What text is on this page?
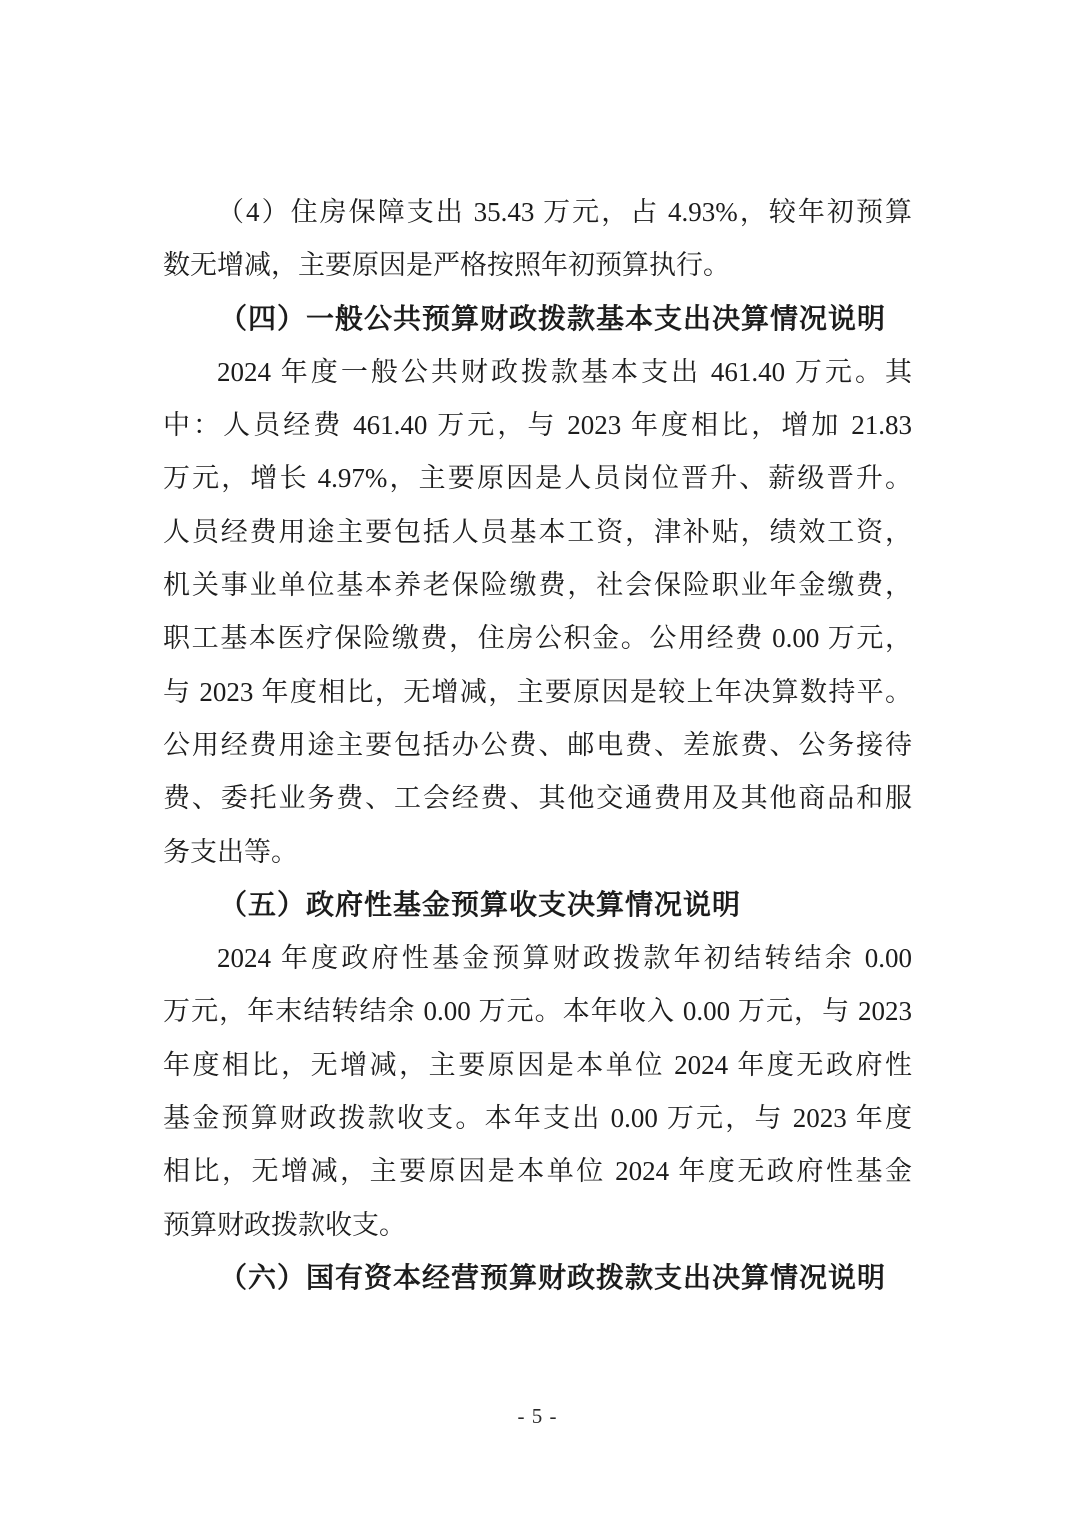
（4）住房保障支出 35.43 万元，占 4.93%，较年初预算
数无增减，主要原因是严格按照年初预算执行。
（四）一般公共预算财政拨款基本支出决算情况说明
2024 年度一般公共财政拨款基本支出 461.40 万元。其
中：人员经费 461.40 万元，与 2023 年度相比，增加 21.83
万元，增长 4.97%，主要原因是人员岗位晋升、薪级晋升。
人员经费用途主要包括人员基本工资，津补贴，绩效工资，
机关事业单位基本养老保险缴费，社会保险职业年金缴费，
职工基本医疗保险缴费，住房公积金。公用经费 0.00 万元，
与 2023 年度相比，无增减，主要原因是较上年决算数持平。
公用经费用途主要包括办公费、邮电费、差旅费、公务接待
费、委托业务费、工会经费、其他交通费用及其他商品和服
务支出等。
（五）政府性基金预算收支决算情况说明
2024 年度政府性基金预算财政拨款年初结转结余 0.00
万元，年末结转结余 0.00 万元。本年收入 0.00 万元，与 2023
年度相比，无增减，主要原因是本单位 2024 年度无政府性
基金预算财政拨款收支。本年支出 0.00 万元，与 2023 年度
相比，无增减，主要原因是本单位 2024 年度无政府性基金
预算财政拨款收支。
（六）国有资本经营预算财政拨款支出决算情况说明
- 5 -
